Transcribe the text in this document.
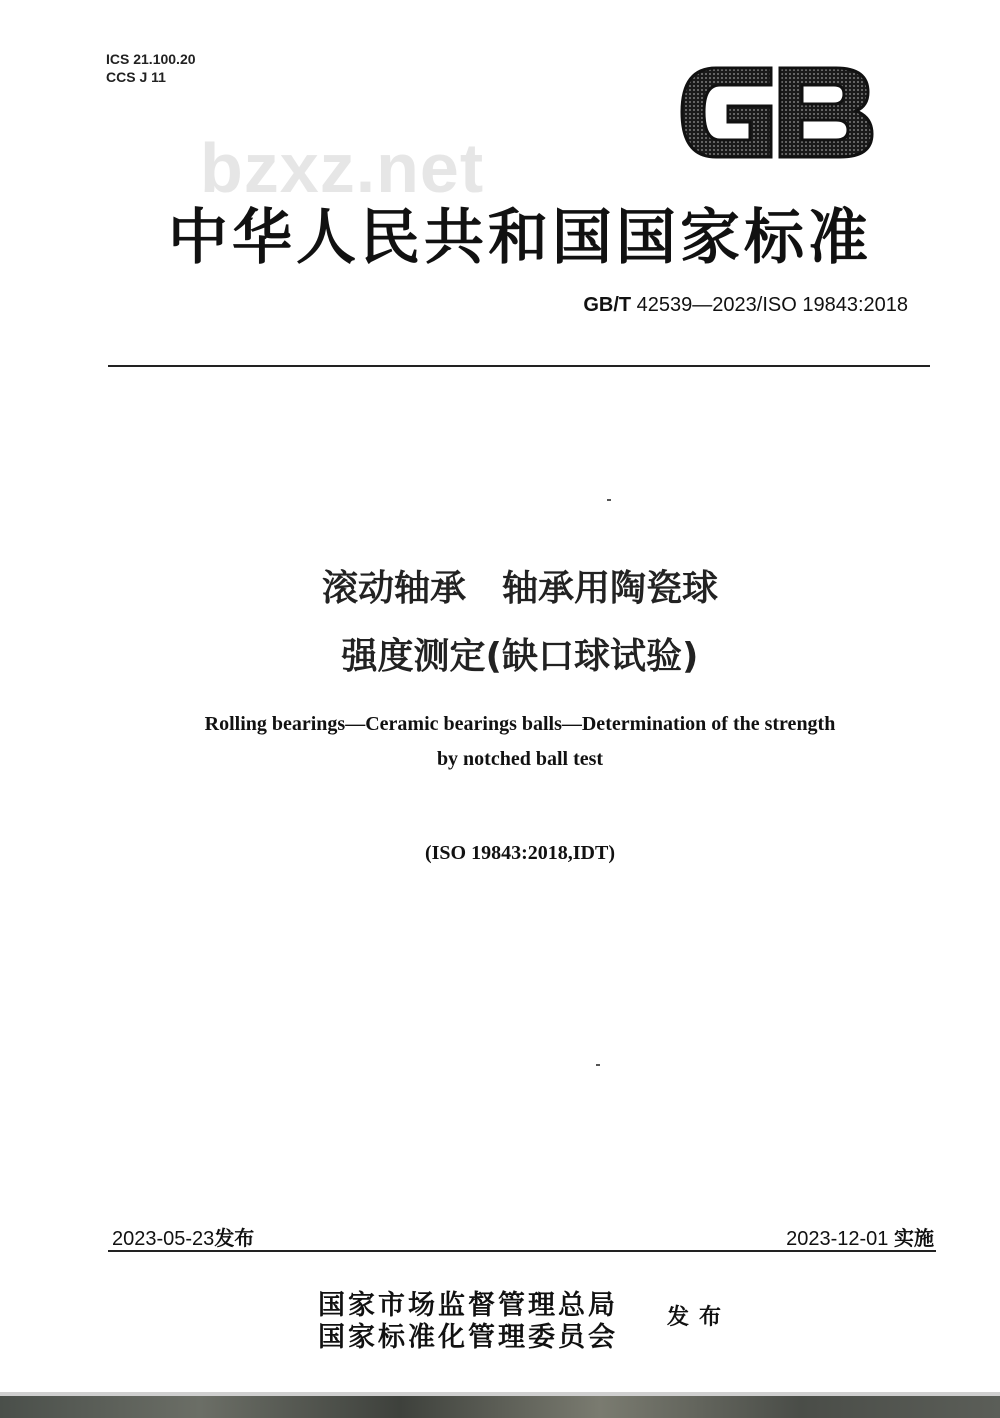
ICS 21.100.20
CCS J 11
bzxz.net
中华人民共和国国家标准
GB/T 42539—2023/ISO 19843:2018
滚动轴承　轴承用陶瓷球
强度测定(缺口球试验)
Rolling bearings—Ceramic bearings balls—Determination of the strength
by notched ball test
(ISO 19843:2018,IDT)
2023-05-23发布	2023-12-01 实施
国家市场监督管理总局
国家标准化管理委员会
发布
